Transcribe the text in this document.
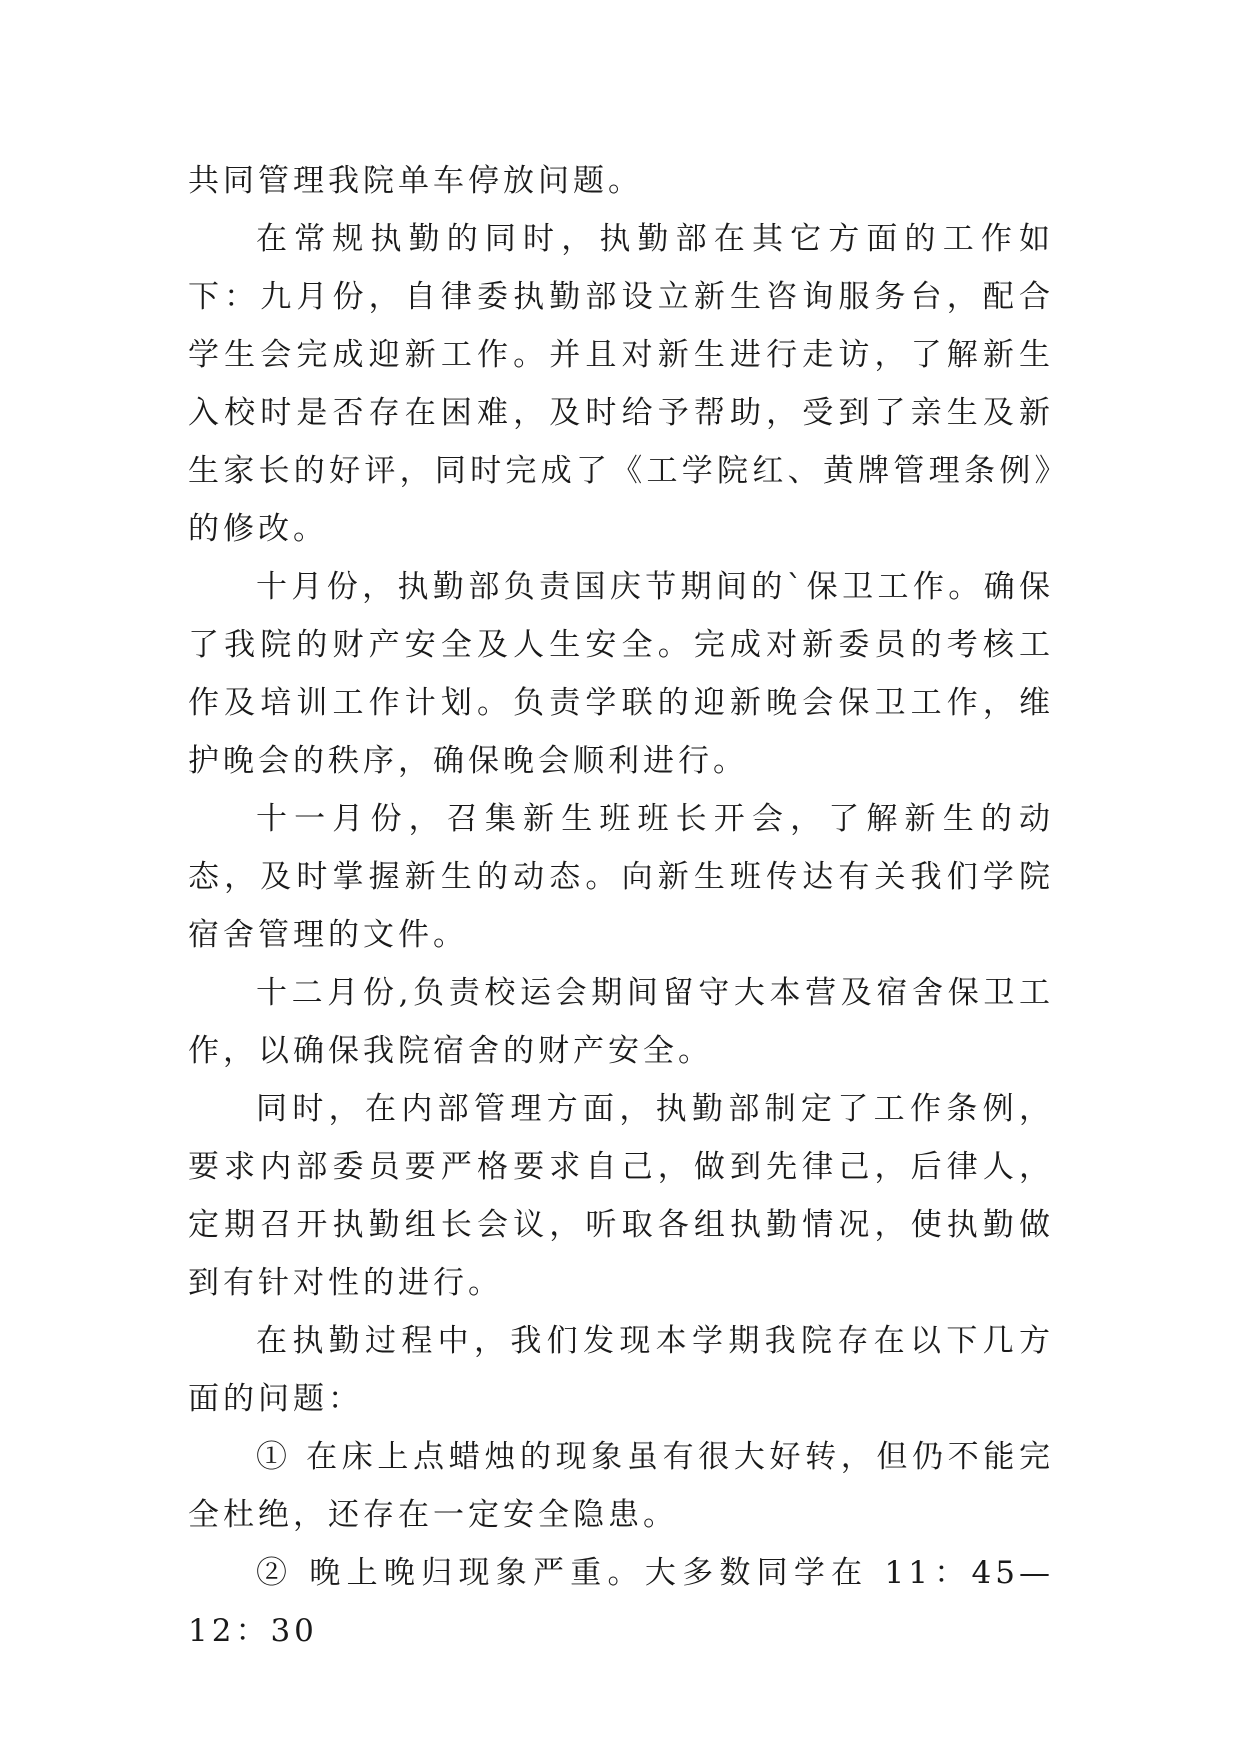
共同管理我院单车停放问题。

在常规执勤的同时，执勤部在其它方面的工作如下：九月份，自律委执勤部设立新生咨询服务台，配合学生会完成迎新工作。并且对新生进行走访，了解新生入校时是否存在困难，及时给予帮助，受到了亲生及新生家长的好评，同时完成了《工学院红、黄牌管理条例》的修改。

十月份，执勤部负责国庆节期间的`保卫工作。确保了我院的财产安全及人生安全。完成对新委员的考核工作及培训工作计划。负责学联的迎新晚会保卫工作，维护晚会的秩序，确保晚会顺利进行。

十一月份，召集新生班班长开会，了解新生的动态，及时掌握新生的动态。向新生班传达有关我们学院宿舍管理的文件。

十二月份,负责校运会期间留守大本营及宿舍保卫工作，以确保我院宿舍的财产安全。

同时，在内部管理方面，执勤部制定了工作条例，要求内部委员要严格要求自己，做到先律己，后律人，定期召开执勤组长会议，听取各组执勤情况，使执勤做到有针对性的进行。

在执勤过程中，我们发现本学期我院存在以下几方面的问题：

① 在床上点蜡烛的现象虽有很大好转，但仍不能完全杜绝，还存在一定安全隐患。

② 晚上晚归现象严重。大多数同学在 11：45—12：30
